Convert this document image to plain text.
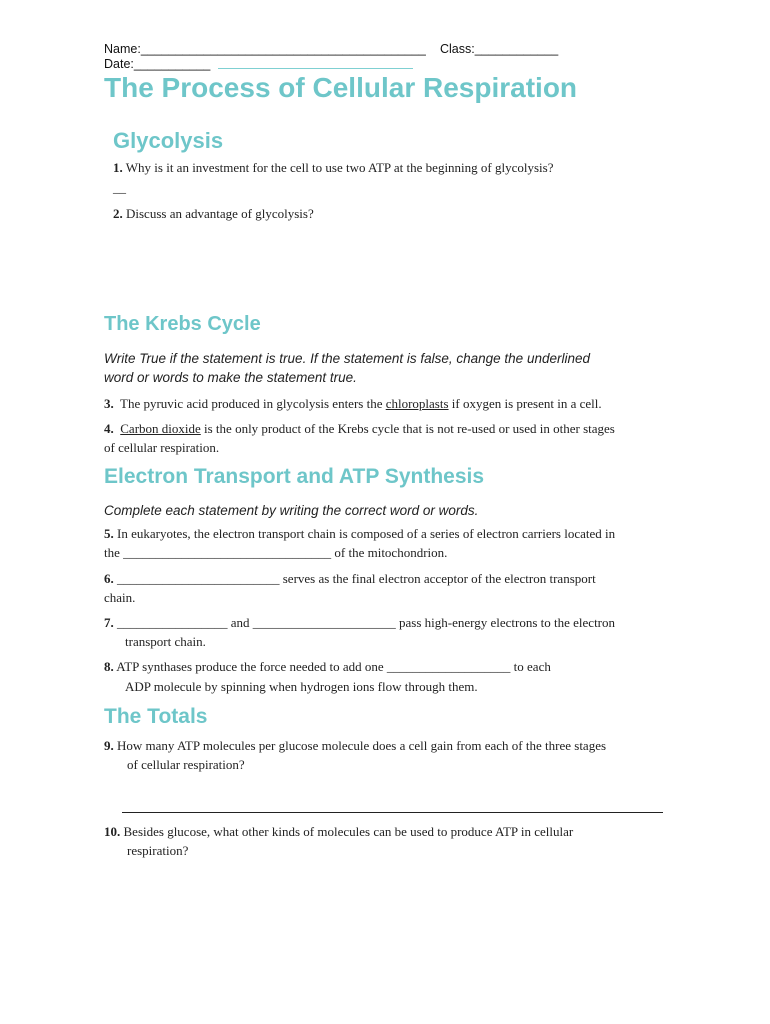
Name:_________________________________________ Class:____________
Date:___________
The Process of Cellular Respiration
Glycolysis
1. Why is it an investment for the cell to use two ATP at the beginning of glycolysis?
__
2. Discuss an advantage of glycolysis?
The Krebs Cycle
Write True if the statement is true. If the statement is false, change the underlined
word or words to make the statement true.
3. The pyruvic acid produced in glycolysis enters the chloroplasts if oxygen is present in a cell.
4. Carbon dioxide is the only product of the Krebs cycle that is not re-used or used in other stages
of cellular respiration.
Electron Transport and ATP Synthesis
Complete each statement by writing the correct word or words.
5. In eukaryotes, the electron transport chain is composed of a series of electron carriers located in
the ________________________________ of the mitochondrion.
6. _________________________ serves as the final electron acceptor of the electron transport
chain.
7. _________________ and ______________________ pass high-energy electrons to the electron
transport chain.
8. ATP synthases produce the force needed to add one ___________________ to each
ADP molecule by spinning when hydrogen ions flow through them.
The Totals
9. How many ATP molecules per glucose molecule does a cell gain from each of the three stages
of cellular respiration?
10. Besides glucose, what other kinds of molecules can be used to produce ATP in cellular
respiration?
